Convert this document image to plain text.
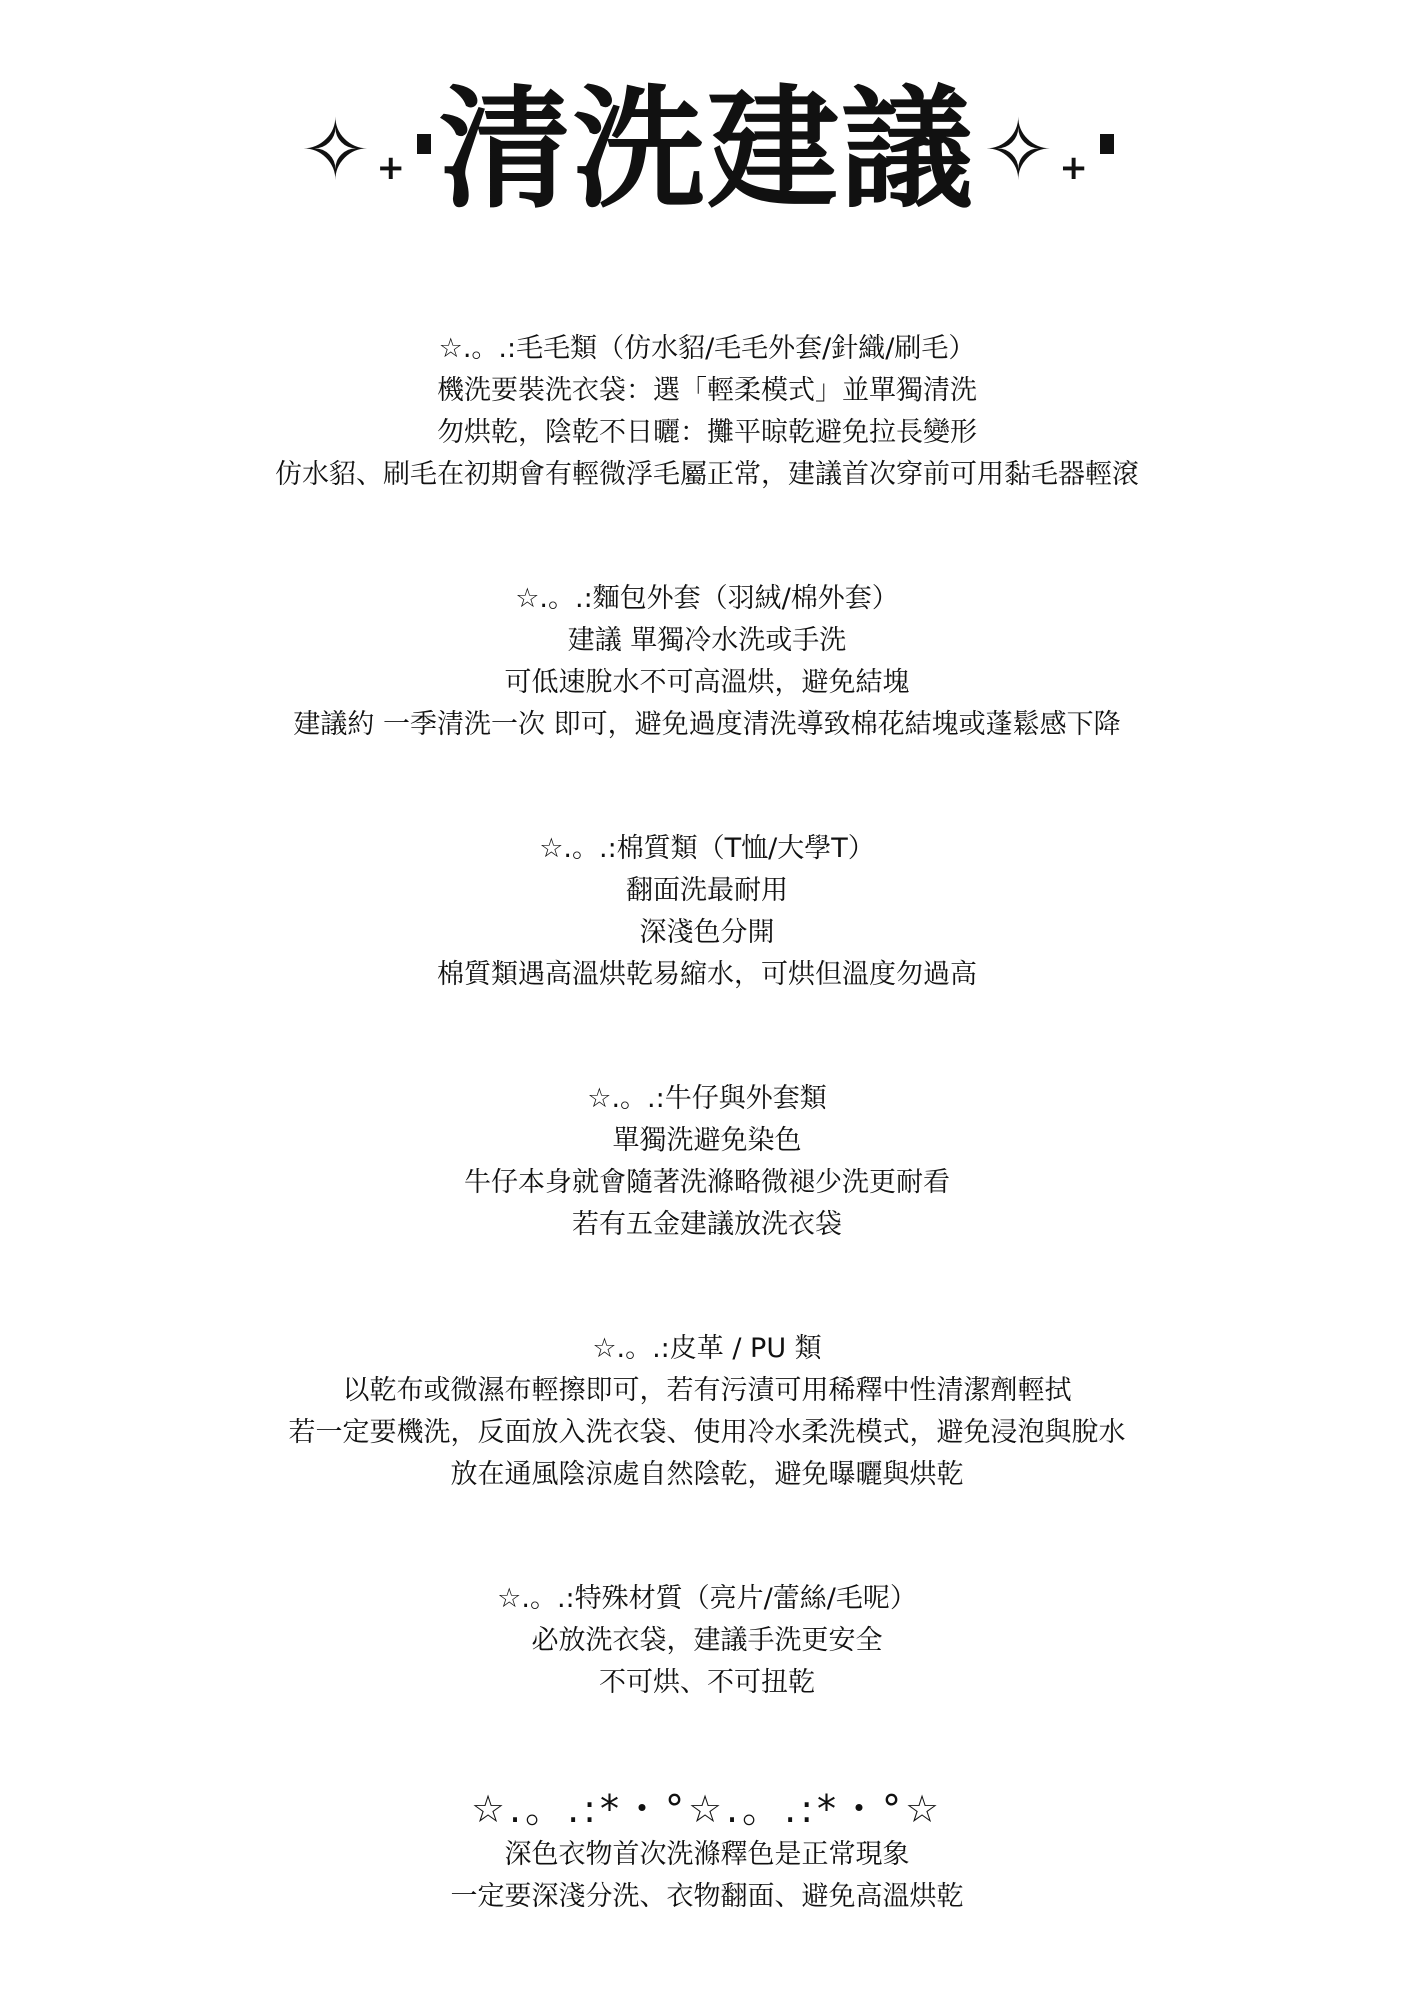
✧ + 清洗建議 ✧ +
☆.。.:毛毛類（仿水貂/毛毛外套/針織/刷毛）
機洗要裝洗衣袋：選「輕柔模式」並單獨清洗
勿烘乾，陰乾不日曬：攤平晾乾避免拉長變形
仿水貂、刷毛在初期會有輕微浮毛屬正常，建議首次穿前可用黏毛器輕滾
☆.。.:麵包外套（羽絨/棉外套）
建議 單獨冷水洗或手洗
可低速脫水不可高溫烘，避免結塊
建議約 一季清洗一次 即可，避免過度清洗導致棉花結塊或蓬鬆感下降
☆.。.:棉質類（T恤/大學T）
翻面洗最耐用
深淺色分開
棉質類遇高溫烘乾易縮水，可烘但溫度勿過高
☆.。.:牛仔與外套類
單獨洗避免染色
牛仔本身就會隨著洗滌略微褪少洗更耐看
若有五金建議放洗衣袋
☆.。.:皮革 / PU 類
以乾布或微濕布輕擦即可，若有污漬可用稀釋中性清潔劑輕拭
若一定要機洗，反面放入洗衣袋、使用冷水柔洗模式，避免浸泡與脫水
放在通風陰涼處自然陰乾，避免曝曬與烘乾
☆.。.:特殊材質（亮片/蕾絲/毛呢）
必放洗衣袋，建議手洗更安全
不可烘、不可扭乾
☆.。.:*・°☆.。.:*・°☆
深色衣物首次洗滌釋色是正常現象
一定要深淺分洗、衣物翻面、避免高溫烘乾
